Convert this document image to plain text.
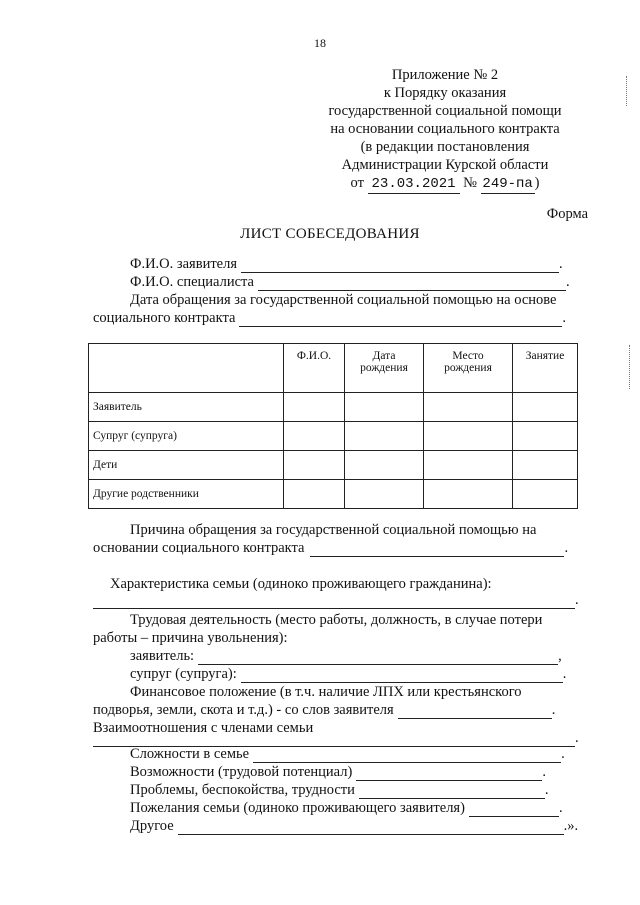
18
Приложение № 2
к Порядку оказания
государственной социальной помощи
на основании социального контракта
(в редакции постановления
Администрации Курской области
от 23.03.2021 № 249-па )
Форма
ЛИСТ СОБЕСЕДОВАНИЯ
Ф.И.О. заявителя	.
Ф.И.О. специалиста	.
Дата обращения за государственной социальной помощью на основе
социального контракта	.
	Ф.И.О.	Дата рождения	Место рождения	Занятие
Заявитель				
Супруг (супруга)				
Дети				
Другие родственники				
Причина обращения за государственной социальной помощью на
основании социального контракта	.
Характеристика семьи (одиноко проживающего гражданина):
.
Трудовая деятельность (место работы, должность, в случае потери
работы – причина увольнения):
заявитель:	,
супруг (супруга):	.
Финансовое положение (в т.ч. наличие ЛПХ или крестьянского
подворья, земли, скота и т.д.) - со слов заявителя	.
Взаимоотношения с членами семьи
.
Сложности в семье	.
Возможности (трудовой потенциал)	.
Проблемы, беспокойства, трудности	.
Пожелания семьи (одиноко проживающего заявителя)	.
Другое	.».
